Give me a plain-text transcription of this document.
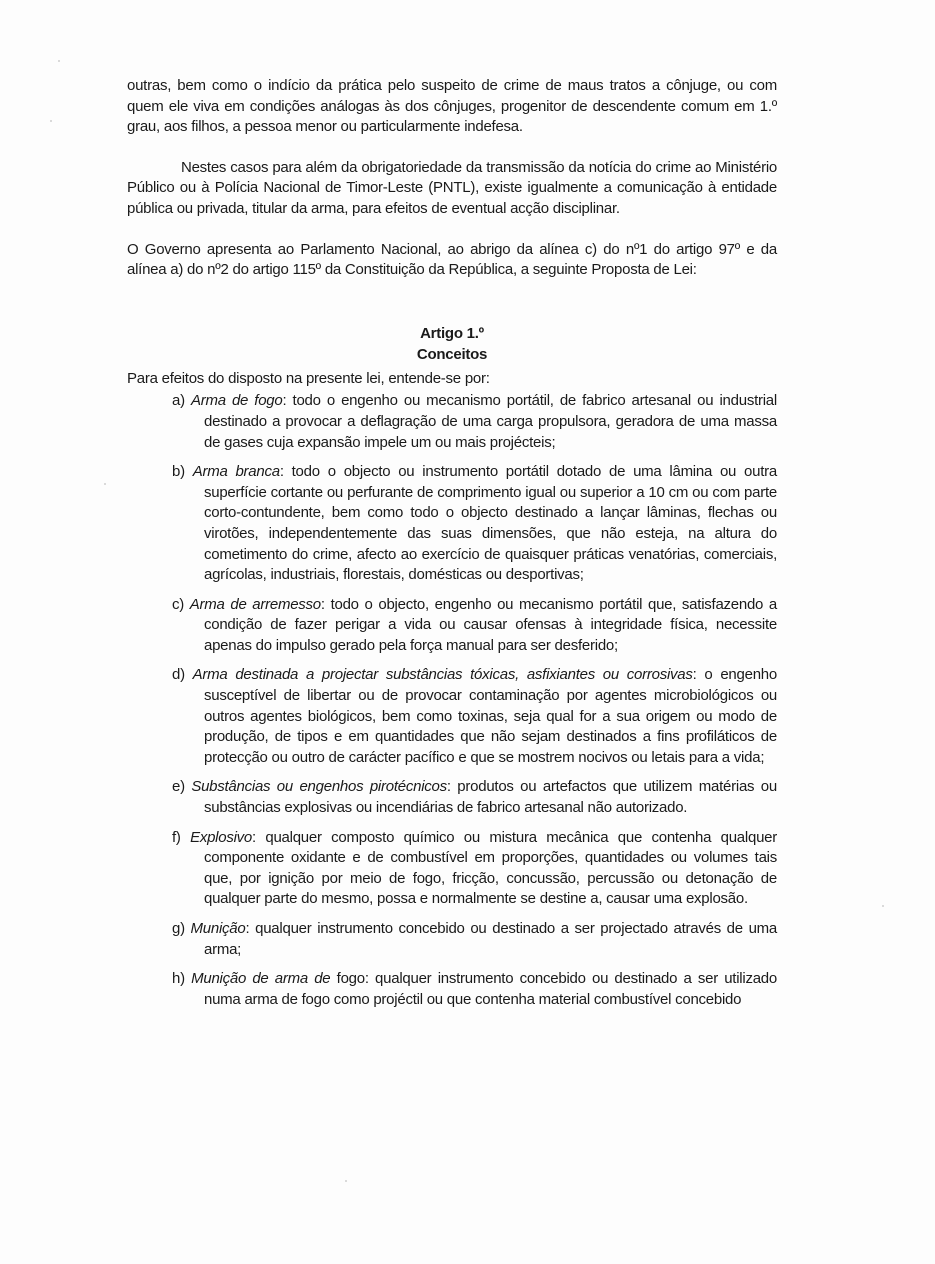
outras, bem como o indício da prática pelo suspeito de crime de maus tratos a cônjuge, ou com quem ele viva em condições análogas às dos cônjuges, progenitor de descendente comum em 1.º grau, aos filhos, a pessoa menor ou particularmente indefesa.

Nestes casos para além da obrigatoriedade da transmissão da notícia do crime ao Ministério Público ou à Polícia Nacional de Timor-Leste (PNTL), existe igualmente a comunicação à entidade pública ou privada, titular da arma, para efeitos de eventual acção disciplinar.

O Governo apresenta ao Parlamento Nacional, ao abrigo da alínea c) do nº1 do artigo 97º e da alínea a) do nº2 do artigo 115º da Constituição da República, a seguinte Proposta de Lei:

Artigo 1.º
Conceitos

Para efeitos do disposto na presente lei, entende-se por:

a) Arma de fogo: todo o engenho ou mecanismo portátil, de fabrico artesanal ou industrial destinado a provocar a deflagração de uma carga propulsora, geradora de uma massa de gases cuja expansão impele um ou mais projécteis;
b) Arma branca: todo o objecto ou instrumento portátil dotado de uma lâmina ou outra superfície cortante ou perfurante de comprimento igual ou superior a 10 cm ou com parte corto-contundente, bem como todo o objecto destinado a lançar lâminas, flechas ou virotões, independentemente das suas dimensões, que não esteja, na altura do cometimento do crime, afecto ao exercício de quaisquer práticas venatórias, comerciais, agrícolas, industriais, florestais, domésticas ou desportivas;
c) Arma de arremesso: todo o objecto, engenho ou mecanismo portátil que, satisfazendo a condição de fazer perigar a vida ou causar ofensas à integridade física, necessite apenas do impulso gerado pela força manual para ser desferido;
d) Arma destinada a projectar substâncias tóxicas, asfixiantes ou corrosivas: o engenho susceptível de libertar ou de provocar contaminação por agentes microbiológicos ou outros agentes biológicos, bem como toxinas, seja qual for a sua origem ou modo de produção, de tipos e em quantidades que não sejam destinados a fins profiláticos de protecção ou outro de carácter pacífico e que se mostrem nocivos ou letais para a vida;
e) Substâncias ou engenhos pirotécnicos: produtos ou artefactos que utilizem matérias ou substâncias explosivas ou incendiárias de fabrico artesanal não autorizado.
f) Explosivo: qualquer composto químico ou mistura mecânica que contenha qualquer componente oxidante e de combustível em proporções, quantidades ou volumes tais que, por ignição por meio de fogo, fricção, concussão, percussão ou detonação de qualquer parte do mesmo, possa e normalmente se destine a, causar uma explosão.
g) Munição: qualquer instrumento concebido ou destinado a ser projectado através de uma arma;
h) Munição de arma de fogo: qualquer instrumento concebido ou destinado a ser utilizado numa arma de fogo como projéctil ou que contenha material combustível concebido
